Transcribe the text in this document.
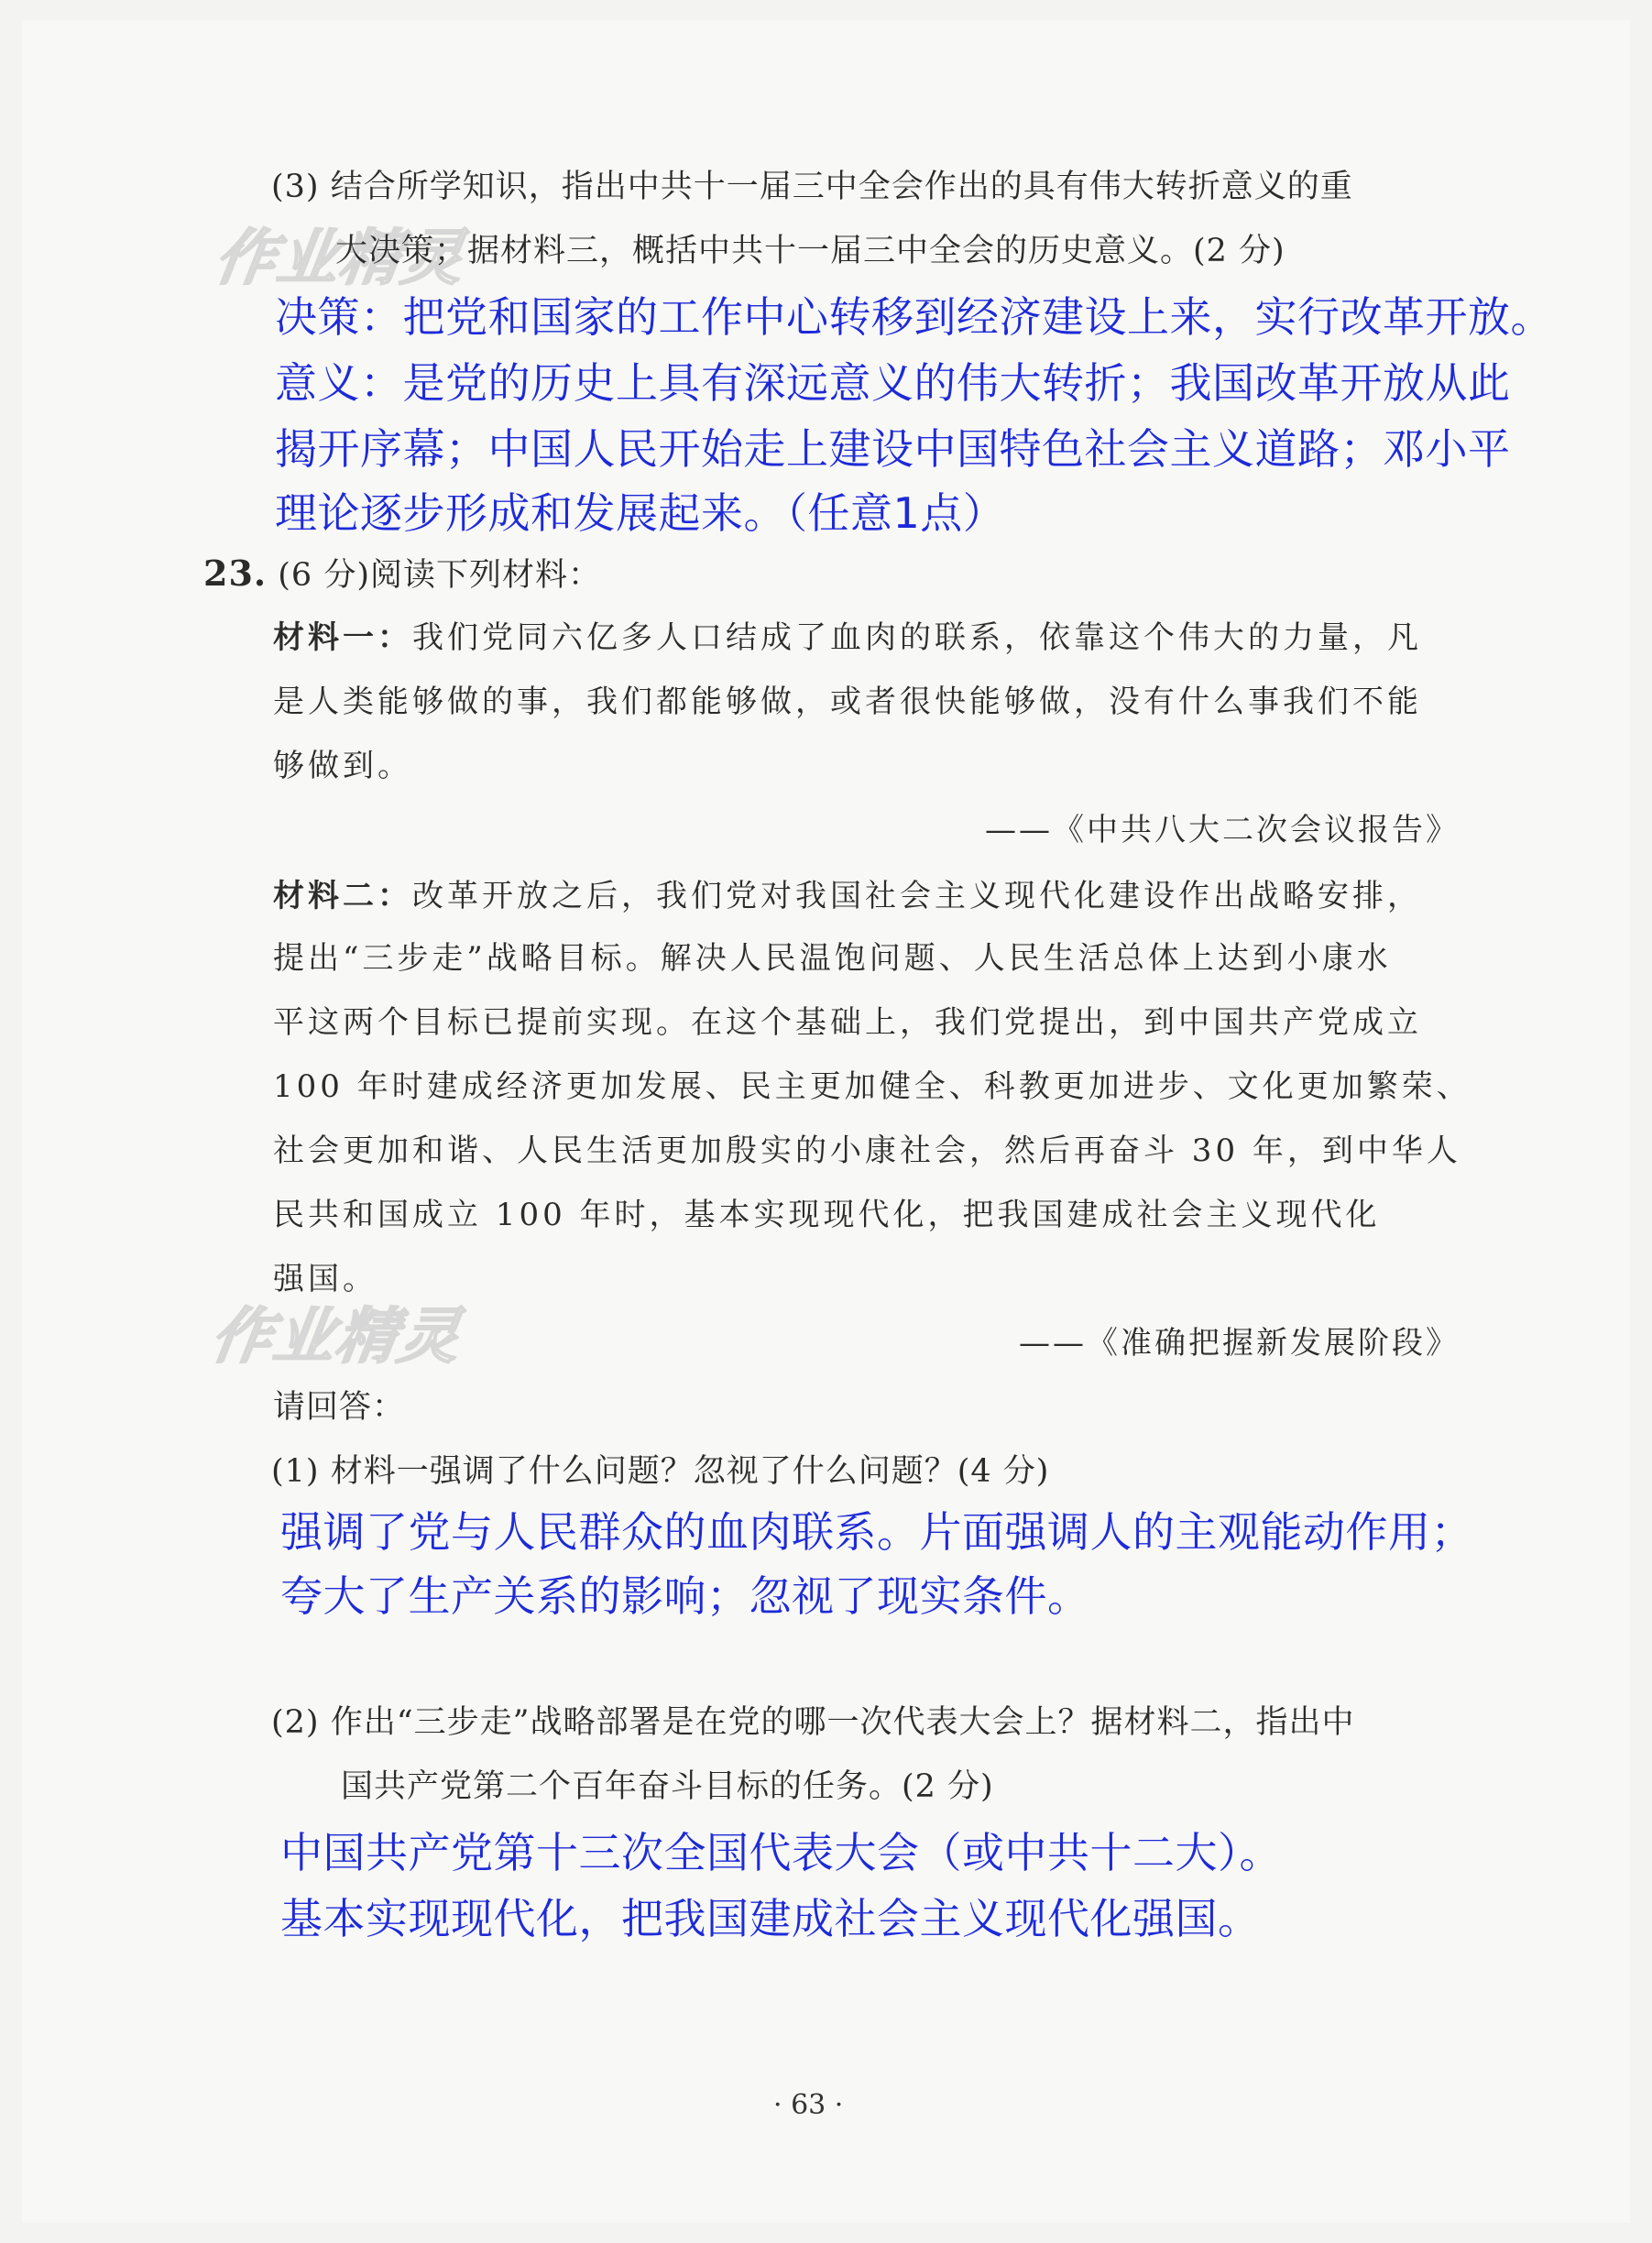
作业精灵
作业精灵
(3) 结合所学知识，指出中共十一届三中全会作出的具有伟大转折意义的重
大决策；据材料三，概括中共十一届三中全会的历史意义。(2 分)
决策：把党和国家的工作中心转移到经济建设上来，实行改革开放。
意义：是党的历史上具有深远意义的伟大转折；我国改革开放从此
揭开序幕；中国人民开始走上建设中国特色社会主义道路；邓小平
理论逐步形成和发展起来。（任意1点）
23. (6 分)阅读下列材料：
材料一：我们党同六亿多人口结成了血肉的联系，依靠这个伟大的力量，凡
是人类能够做的事，我们都能够做，或者很快能够做，没有什么事我们不能
够做到。
——《中共八大二次会议报告》
材料二：改革开放之后，我们党对我国社会主义现代化建设作出战略安排，
提出“三步走”战略目标。解决人民温饱问题、人民生活总体上达到小康水
平这两个目标已提前实现。在这个基础上，我们党提出，到中国共产党成立
100 年时建成经济更加发展、民主更加健全、科教更加进步、文化更加繁荣、
社会更加和谐、人民生活更加殷实的小康社会，然后再奋斗 30 年，到中华人
民共和国成立 100 年时，基本实现现代化，把我国建成社会主义现代化
强国。
——《准确把握新发展阶段》
请回答：
(1) 材料一强调了什么问题？忽视了什么问题？(4 分)
强调了党与人民群众的血肉联系。片面强调人的主观能动作用；
夸大了生产关系的影响；忽视了现实条件。
(2) 作出“三步走”战略部署是在党的哪一次代表大会上？据材料二，指出中
国共产党第二个百年奋斗目标的任务。(2 分)
中国共产党第十三次全国代表大会（或中共十二大）。
基本实现现代化，把我国建成社会主义现代化强国。
· 63 ·
